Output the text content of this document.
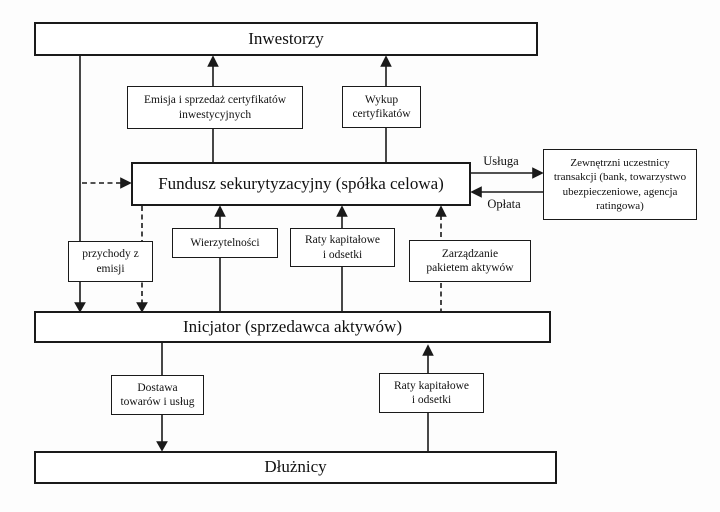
Inwestorzy
Emisja i sprzedaż certyfikatów
inwestycyjnych
Wykup
certyfikatów
Fundusz sekurytyzacyjny (spółka celowa)
Zewnętrzni uczestnicy
transakcji (bank, towarzystwo
ubezpieczeniowe, agencja
ratingowa)
przychody z
emisji
Wierzytelności	Raty kapitałowe
i odsetki	Zarządzanie
pakietem aktywów
Inicjator (sprzedawca aktywów)
Dostawa
towarów i usług
Raty kapitałowe
i odsetki
Dłużnicy
Usługa
Opłata
